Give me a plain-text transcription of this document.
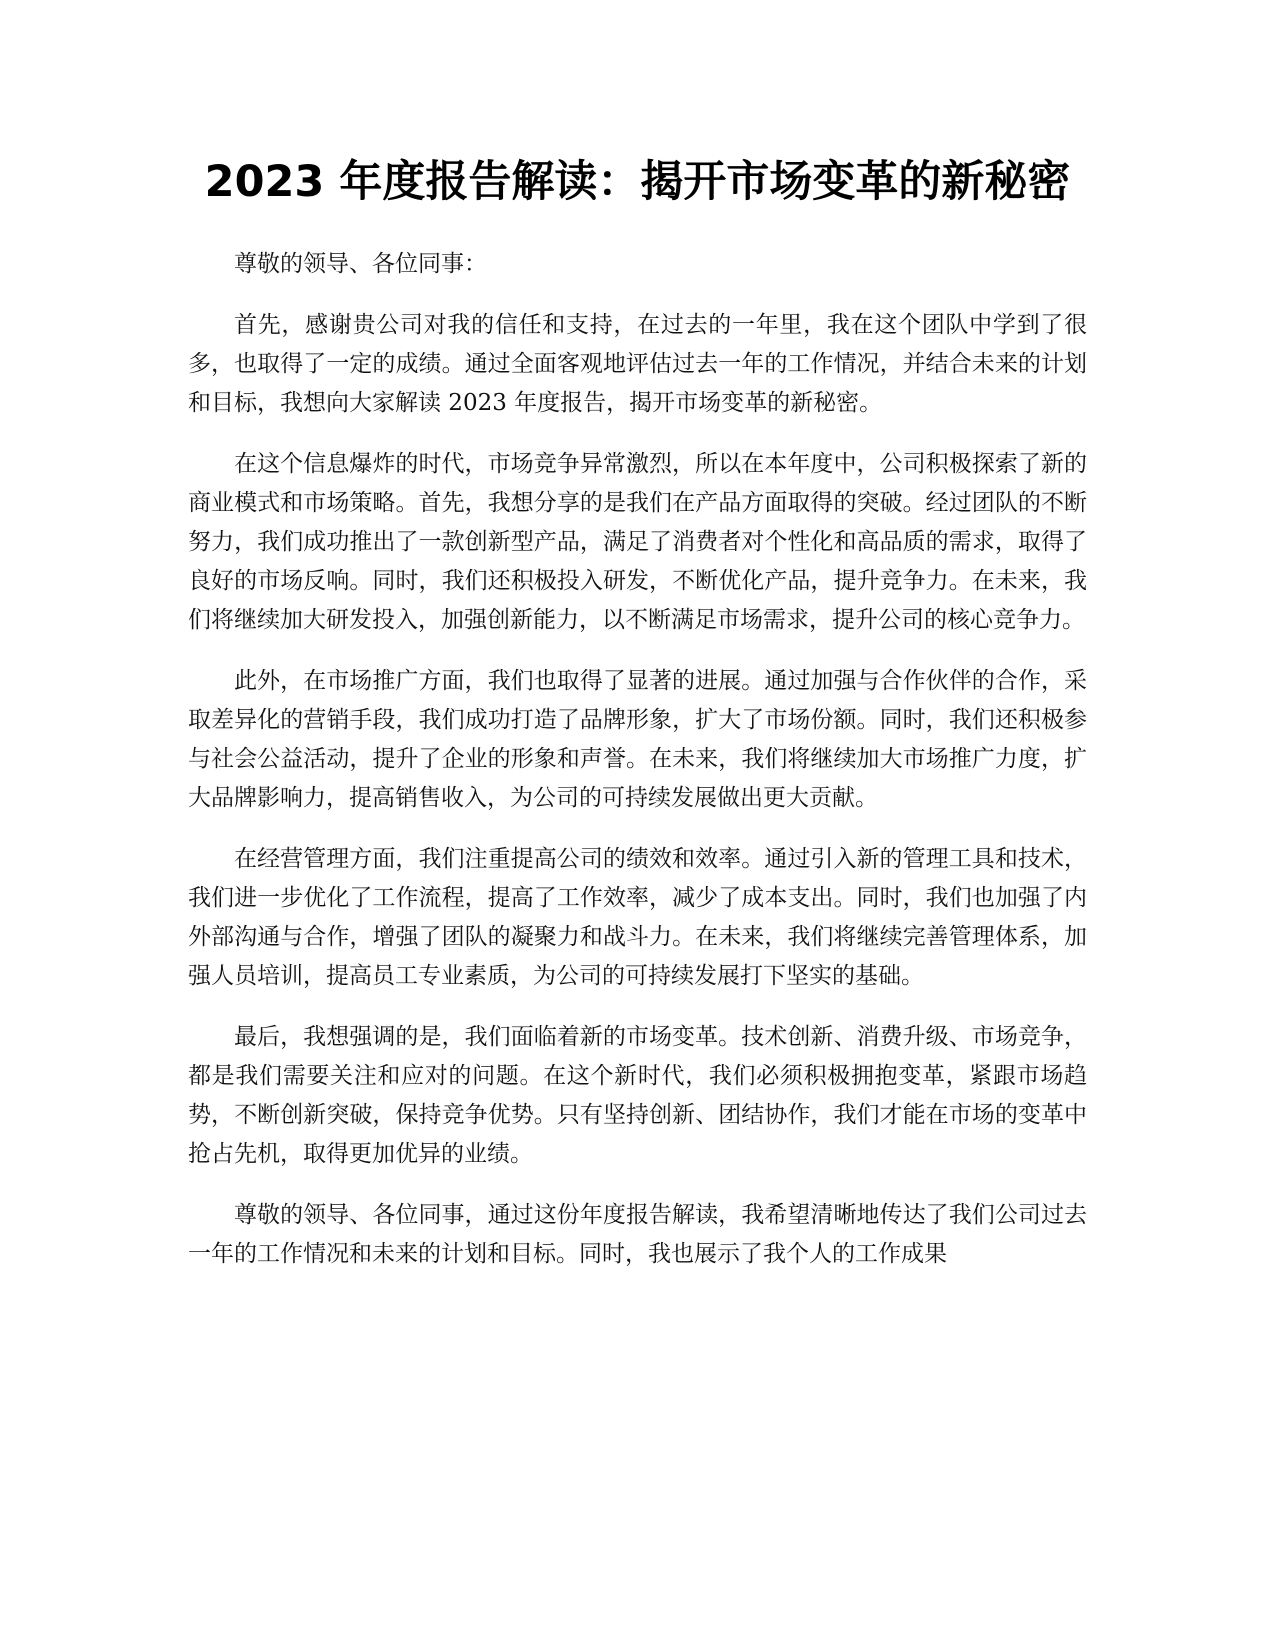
2023 年度报告解读：揭开市场变革的新秘密

尊敬的领导、各位同事：

首先，感谢贵公司对我的信任和支持，在过去的一年里，我在这个团队中学到了很多，也取得了一定的成绩。通过全面客观地评估过去一年的工作情况，并结合未来的计划和目标，我想向大家解读 2023 年度报告，揭开市场变革的新秘密。

在这个信息爆炸的时代，市场竞争异常激烈，所以在本年度中，公司积极探索了新的商业模式和市场策略。首先，我想分享的是我们在产品方面取得的突破。经过团队的不断努力，我们成功推出了一款创新型产品，满足了消费者对个性化和高品质的需求，取得了良好的市场反响。同时，我们还积极投入研发，不断优化产品，提升竞争力。在未来，我们将继续加大研发投入，加强创新能力，以不断满足市场需求，提升公司的核心竞争力。

此外，在市场推广方面，我们也取得了显著的进展。通过加强与合作伙伴的合作，采取差异化的营销手段，我们成功打造了品牌形象，扩大了市场份额。同时，我们还积极参与社会公益活动，提升了企业的形象和声誉。在未来，我们将继续加大市场推广力度，扩大品牌影响力，提高销售收入，为公司的可持续发展做出更大贡献。

在经营管理方面，我们注重提高公司的绩效和效率。通过引入新的管理工具和技术，我们进一步优化了工作流程，提高了工作效率，减少了成本支出。同时，我们也加强了内外部沟通与合作，增强了团队的凝聚力和战斗力。在未来，我们将继续完善管理体系，加强人员培训，提高员工专业素质，为公司的可持续发展打下坚实的基础。

最后，我想强调的是，我们面临着新的市场变革。技术创新、消费升级、市场竞争，都是我们需要关注和应对的问题。在这个新时代，我们必须积极拥抱变革，紧跟市场趋势，不断创新突破，保持竞争优势。只有坚持创新、团结协作，我们才能在市场的变革中抢占先机，取得更加优异的业绩。

尊敬的领导、各位同事，通过这份年度报告解读，我希望清晰地传达了我们公司过去一年的工作情况和未来的计划和目标。同时，我也展示了我个人的工作成果
